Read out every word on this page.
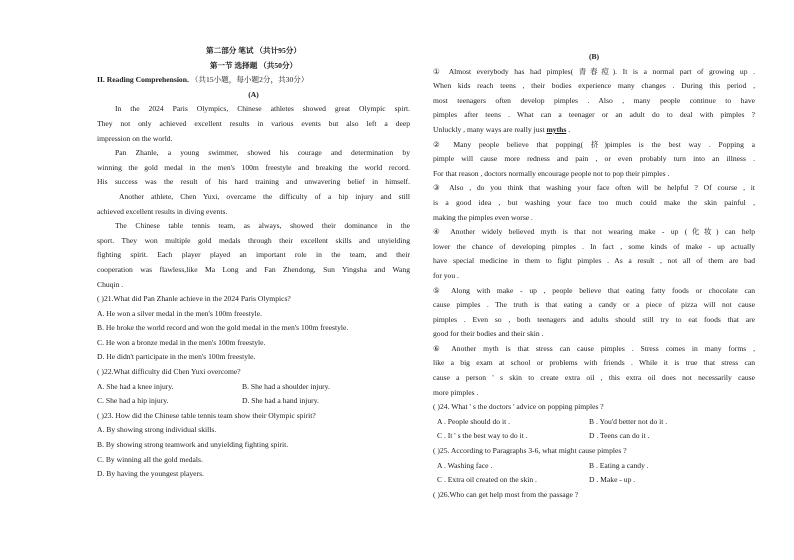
第二部分 笔试 （共计95分）
第一节 选择题 （共50分）
II. Reading Comprehension. （共15小题，每小题2分，共30分）
(A)
In the 2024 Paris Olympics, Chinese athletes showed great Olympic spirt.
They not only achieved excellent results in various events but also left a deep
impression on the world.
Pan Zhanle, a young swimmer, showed his courage and determination by
winning the gold medal in the men's 100m freestyle and breaking the world record.
His success was the result of his hard training and unwavering belief in himself.
Another athlete, Chen Yuxi, overcame the difficulty of a hip injury and still
achieved excellent results in diving events.
The Chinese table tennis team, as always, showed their dominance in the
sport. They won multiple gold medals through their excellent skills and unyielding
fighting spirit. Each player played an important role in the team, and their
cooperation was flawless,like Ma Long and Fan Zhendong, Sun Yingsha and Wang
Chuqin .
( )21.What did Pan Zhanle achieve in the 2024 Paris Olympics?
A. He won a silver medal in the men's 100m freestyle.
B. He broke the world record and won the gold medal in the men's 100m freestyle.
C. He won a bronze medal in the men's 100m freestyle.
D. He didn't participate in the men's 100m freestyle.
( )22.What difficulty did Chen Yuxi overcome?
A. She had a knee injury.	B. She had a shoulder injury.
C. She had a hip injury.	D. She had a hand injury.
( )23. How did the Chinese table tennis team show their Olympic spirit?
A. By showing strong individual skills.
B. By showing strong teamwork and unyielding fighting spirit.
C. By winning all the gold medals.
D. By having the youngest players.
(B)
① Almost everybody has had pimples( 青春痘). It is a normal part of growing up .
When kids reach teens , their bodies experience many changes . During this period ,
most teenagers often develop pimples . Also , many people continue to have
pimples after teens . What can a teenager or an adult do to deal with pimples ?
Unluckly , many ways are really just myths .
② Many people believe that popping( 挤)pimples is the best way . Popping a
pimple will cause more redness and pain , or even probably turn into an illness .
For that reason , doctors normally encourage people not to pop their pimples .
③ Also , do you think that washing your face often will be helpful ? Of course , it
is a good idea , but washing your face too much could make the skin painful ,
making the pimples even worse .
④ Another widely believed myth is that not wearing make - up (化妆) can help
lower the chance of developing pimples . In fact , some kinds of make - up actually
have special medicine in them to fight pimples . As a result , not all of them are bad
for you .
⑤ Along with make - up , people believe that eating fatty foods or chocolate can
cause pimples . The truth is that eating a candy or a piece of pizza will not cause
pimples . Even so , both teenagers and adults should still try to eat foods that are
good for their bodies and their skin .
⑥ Another myth is that stress can cause pimples . Stress comes in many forms ,
like a big exam at school or problems with friends . While it is true that stress can
cause a person ' s skin to create extra oil , this extra oil does not necessarily cause
more pimples .
( )24. What ' s the doctors ' advice on popping pimples ?
A . People should do it .	B . You'd better not do it .
C . It ' s the best way to do it .	D . Teens can do it .
( )25. According to Paragraphs 3-6, what might cause pimples ?
A . Washing face .	B . Eating a candy .
C . Extra oil created on the skin .	D . Make - up .
( )26.Who can get help most from the passage ?
